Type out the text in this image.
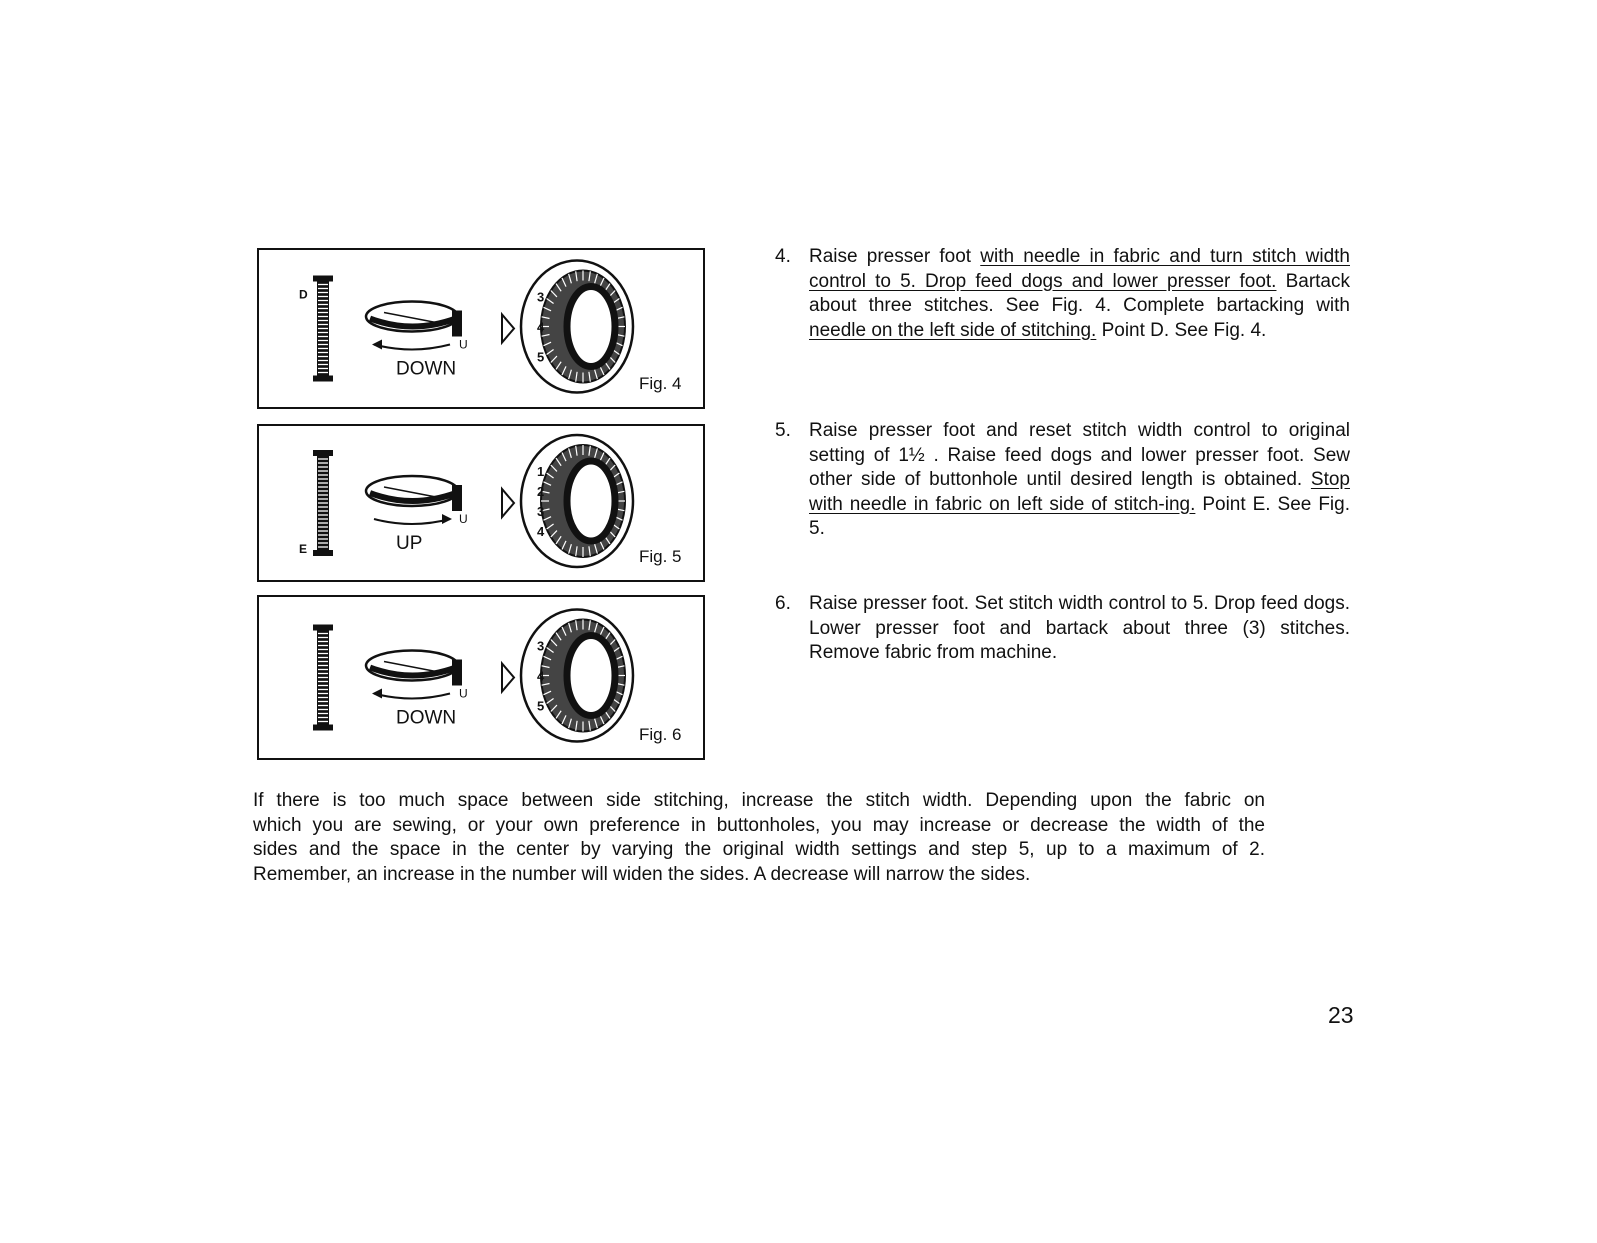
D
U
DOWN
3
4
5
Fig. 4
E
U
UP
1
2
3
4
Fig. 5
U
DOWN
3
4
5
Fig. 6
4. Raise presser foot with needle in fabric and turn stitch width control to 5. Drop feed dogs and lower presser foot. Bartack about three stitches. See Fig. 4. Complete bartacking with needle on the left side of stitching. Point D. See Fig. 4.

5. Raise presser foot and reset stitch width control to original setting of 1½ . Raise feed dogs and lower presser foot. Sew other side of buttonhole until desired length is obtained. Stop with needle in fabric on left side of stitch-ing. Point E. See Fig. 5.

6. Raise presser foot. Set stitch width control to 5. Drop feed dogs. Lower presser foot and bartack about three (3) stitches. Remove fabric from machine.

If there is too much space between side stitching, increase the stitch width. Depending upon the fabric on
which you are sewing, or your own preference in buttonholes, you may increase or decrease the width of the
sides and the space in the center by varying the original width settings and step 5, up to a maximum of 2.
Remember, an increase in the number will widen the sides. A decrease will narrow the sides.

23
